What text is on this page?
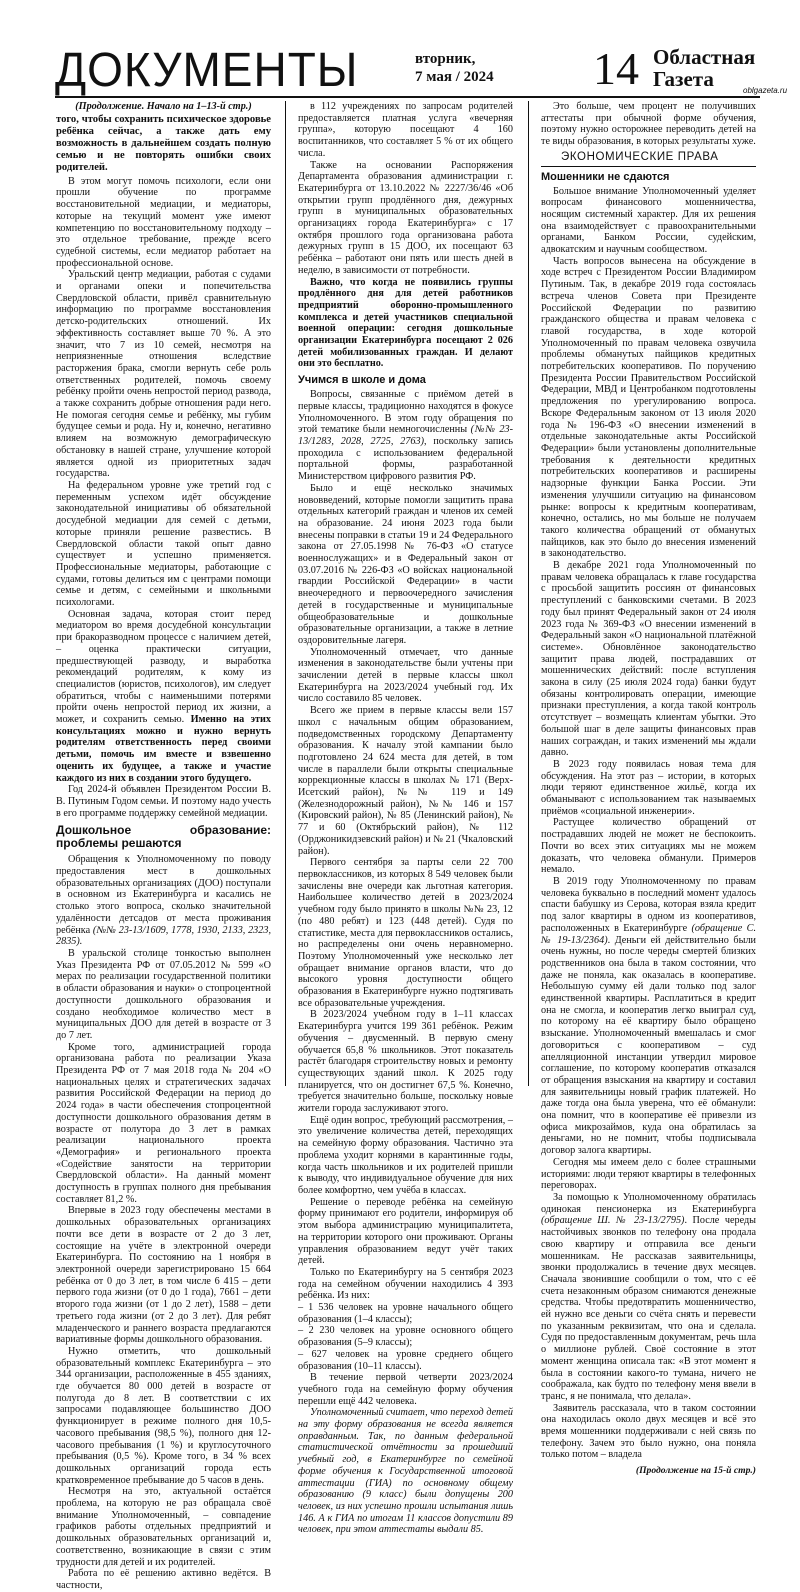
ДОКУМЕНТЫ	вторник,
7 мая / 2024 14 Областная
Газета	oblgazeta.ru

(Продолжение. Начало на 1–13-й стр.)

того, чтобы сохранить психическое здоровье ребёнка сейчас, а также дать ему возможность в дальнейшем создать полную семью и не повторять ошибки своих родителей.

В этом могут помочь психологи, если они прошли обучение по программе восстановительной медиации, и медиаторы, которые на текущий момент уже имеют компетенцию по восстановительному подходу – это отдельное требование, прежде всего судебной системы, если медиатор работает на профессиональной основе.

Уральский центр медиации, работая с судами и органами опеки и попечительства Свердловской области, привёл сравнительную информацию по программе восстановления детско-родительских отношений. Их эффективность составляет выше 70 %. А это значит, что 7 из 10 семей, несмотря на неприязненные отношения вследствие расторжения брака, смогли вернуть себе роль ответственных родителей, помочь своему ребёнку пройти очень непростой период развода, а также сохранить добрые отношения ради него. Не помогая сегодня семье и ребёнку, мы губим будущее семьи и рода. Ну и, конечно, негативно влияем на возможную демографическую обстановку в нашей стране, улучшение которой является одной из приоритетных задач государства.

На федеральном уровне уже третий год с переменным успехом идёт обсуждение законодательной инициативы об обязательной досудебной медиации для семей с детьми, которые приняли решение развестись. В Свердловской области такой опыт давно существует и успешно применяется. Профессиональные медиаторы, работающие с судами, готовы делиться им с центрами помощи семье и детям, с семейными и школьными психологами.

Основная задача, которая стоит перед медиатором во время досудебной консультации при бракоразводном процессе с наличием детей, – оценка практически ситуации, предшествующей разводу, и выработка рекомендаций родителям, к кому из специалистов (юристов, психологов), им следует обратиться, чтобы с наименьшими потерями пройти очень непростой период их жизни, а может, и сохранить семью. Именно на этих консультациях можно и нужно вернуть родителям ответственность перед своими детьми, помочь им вместе и взвешенно оценить их будущее, а также и участие каждого из них в создании этого будущего.

Год 2024-й объявлен Президентом России В. В. Путиным Годом семьи. И поэтому надо учесть в его программе поддержку семейной медиации.

Дошкольное образование: проблемы решаются

Обращения к Уполномоченному по поводу предоставления мест в дошкольных образовательных организациях (ДОО) поступали в основном из Екатеринбурга и касались не столько этого вопроса, сколько значительной удалённости детсадов от места проживания ребёнка (№№ 23-13/1609, 1778, 1930, 2133, 2323, 2835).

В уральской столице тонкостью выполнен Указ Президента РФ от 07.05.2012 № 599 «О мерах по реализации государственной политики в области образования и науки» о стопроцентной доступности дошкольного образования и создано необходимое количество мест в муниципальных ДОО для детей в возрасте от 3 до 7 лет.

Кроме того, администрацией города организована работа по реализации Указа Президента РФ от 7 мая 2018 года № 204 «О национальных целях и стратегических задачах развития Российской Федерации на период до 2024 года» в части обеспечения стопроцентной доступности дошкольного образования детям в возрасте от полутора до 3 лет в рамках реализации национального проекта «Демография» и регионального проекта «Содействие занятости на территории Свердловской области». На данный момент доступность в группах полного дня пребывания составляет 81,2 %.

Впервые в 2023 году обеспечены местами в дошкольных образовательных организациях почти все дети в возрасте от 2 до 3 лет, состоящие на учёте в электронной очереди Екатеринбурга. По состоянию на 1 ноября в электронной очереди зарегистрировано 15 664 ребёнка от 0 до 3 лет, в том числе 6 415 – дети первого года жизни (от 0 до 1 года), 7661 – дети второго года жизни (от 1 до 2 лет), 1588 – дети третьего года жизни (от 2 до 3 лет). Для ребят младенческого и раннего возраста предлагаются вариативные формы дошкольного образования.

Нужно отметить, что дошкольный образовательный комплекс Екатеринбурга – это 344 организации, расположенные в 455 зданиях, где обучается 80 000 детей в возрасте от полугода до 8 лет. В соответствии с их запросами подавляющее большинство ДОО функционирует в режиме полного дня 10,5-часового пребывания (98,5 %), полного дня 12-часового пребывания (1 %) и круглосуточного пребывания (0,5 %). Кроме того, в 34 % всех дошкольных организаций города есть кратковременное пребывание до 5 часов в день.

Несмотря на это, актуальной остаётся проблема, на которую не раз обращала своё внимание Уполномоченный, – совпадение графиков работы отдельных предприятий и дошкольных образовательных организаций и, соответственно, возникающие в связи с этим трудности для детей и их родителей.

Работа по её решению активно ведётся. В частности,

в 112 учреждениях по запросам родителей предоставляется платная услуга «вечерняя группа», которую посещают 4 160 воспитанников, что составляет 5 % от их общего числа.

Также на основании Распоряжения Департамента образования администрации г. Екатеринбурга от 13.10.2022 № 2227/36/46 «Об открытии групп продлённого дня, дежурных групп в муниципальных образовательных организациях города Екатеринбурга» с 17 октября прошлого года организована работа дежурных групп в 15 ДОО, их посещают 63 ребёнка – работают они пять или шесть дней в неделю, в зависимости от потребности.

Важно, что когда не появились группы продлённого дня для детей работников предприятий оборонно-промышленного комплекса и детей участников специальной военной операции: сегодня дошкольные организации Екатеринбурга посещают 2 026 детей мобилизованных граждан. И делают они это бесплатно.

Учимся в школе и дома

Вопросы, связанные с приёмом детей в первые классы, традиционно находятся в фокусе Уполномоченного. В этом году обращения по этой тематике были немногочисленны (№№ 23-13/1283, 2028, 2725, 2763), поскольку запись проходила с использованием федеральной портальной формы, разработанной Министерством цифрового развития РФ.

Было и ещё несколько значимых нововведений, которые помогли защитить права отдельных категорий граждан и членов их семей на образование. 24 июня 2023 года были внесены поправки в статьи 19 и 24 Федерального закона от 27.05.1998 № 76-ФЗ «О статусе военнослужащих» и в Федеральный закон от 03.07.2016 № 226-ФЗ «О войсках национальной гвардии Российской Федерации» в части внеочередного и первоочередного зачисления детей в государственные и муниципальные общеобразовательные и дошкольные образовательные организации, а также в летние оздоровительные лагеря.

Уполномоченный отмечает, что данные изменения в законодательстве были учтены при зачислении детей в первые классы школ Екатеринбурга на 2023/2024 учебный год. Их число составило 85 человек.

Всего же прием в первые классы вели 157 школ с начальным общим образованием, подведомственных городскому Департаменту образования. К началу этой кампании было подготовлено 24 624 места для детей, в том числе в параллели были открыты специальные коррекционные классы в школах № 171 (Верх-Исетский район), №№ 119 и 149 (Железнодорожный район), №№ 146 и 157 (Кировский район), № 85 (Ленинский район), № 77 и 60 (Октябрьский район), № 112 (Орджоникидзевский район) и № 21 (Чкаловский район).

Первого сентября за парты сели 22 700 первоклассников, из которых 8 549 человек были зачислены вне очереди как льготная категория. Наибольшее количество детей в 2023/2024 учебном году было принято в школы №№ 23, 12 (по 480 ребят) и 123 (448 детей). Судя по статистике, места для первоклассников остались, но распределены они очень неравномерно. Поэтому Уполномоченный уже несколько лет обращает внимание органов власти, что до высокого уровня доступности общего образования в Екатеринбурге нужно подтягивать все образовательные учреждения.

В 2023/2024 учебном году в 1–11 классах Екатеринбурга учится 199 361 ребёнок. Режим обучения – двусменный. В первую смену обучается 65,8 % школьников. Этот показатель растёт благодаря строительству новых и ремонту существующих зданий школ. К 2025 году планируется, что он достигнет 67,5 %. Конечно, требуется значительно больше, поскольку новые жители города заслуживают этого.

Ещё один вопрос, требующий рассмотрения, – это увеличение количества детей, переходящих на семейную форму образования. Частично эта проблема уходит корнями в карантинные годы, когда часть школьников и их родителей пришли к выводу, что индивидуальное обучение для них более комфортно, чем учёба в классах.

Решение о переводе ребёнка на семейную форму принимают его родители, информируя об этом выбора администрацию муниципалитета, на территории которого они проживают. Органы управления образованием ведут учёт таких детей.

Только по Екатеринбургу на 5 сентября 2023 года на семейном обучении находились 4 393 ребёнка. Из них:

– 1 536 человек на уровне начального общего образования (1–4 классы);

– 2 230 человек на уровне основного общего образования (5–9 классы);

– 627 человек на уровне среднего общего образования (10–11 классы).

В течение первой четверти 2023/2024 учебного года на семейную форму обучения перешли ещё 442 человека.

Уполномоченный считает, что переход детей на эту форму образования не всегда является оправданным. Так, по данным федеральной статистической отчётности за прошедший учебный год, в Екатеринбурге по семейной форме обучения к Государственной итоговой аттестации (ГИА) по основному общему образованию (9 класс) были допущены 200 человек, из них успешно прошли испытания лишь 146. А к ГИА по итогам 11 классов допустили 89 человек, при этом аттестаты выдали 85.

Это больше, чем процент не получивших аттестаты при обычной форме обучения, поэтому нужно осторожнее переводить детей на те виды образования, в которых результаты хуже.

ЭКОНОМИЧЕСКИЕ ПРАВА
Мошенники не сдаются

Большое внимание Уполномоченный уделяет вопросам финансового мошенничества, носящим системный характер. Для их решения она взаимодействует с правоохранительными органами, Банком России, судейским, адвокатским и научным сообществом.

Часть вопросов вынесена на обсуждение в ходе встреч с Президентом России Владимиром Путиным. Так, в декабре 2019 года состоялась встреча членов Совета при Президенте Российской Федерации по развитию гражданского общества и правам человека с главой государства, в ходе которой Уполномоченный по правам человека озвучила проблемы обманутых пайщиков кредитных потребительских кооперативов. По поручению Президента России Правительством Российской Федерации, МВД и Центробанком подготовлены предложения по урегулированию вопроса. Вскоре Федеральным законом от 13 июля 2020 года № 196-ФЗ «О внесении изменений в отдельные законодательные акты Российской Федерации» были установлены дополнительные требования к деятельности кредитных потребительских кооперативов и расширены надзорные функции Банка России. Эти изменения улучшили ситуацию на финансовом рынке: вопросы к кредитным кооперативам, конечно, остались, но мы больше не получаем такого количества обращений от обманутых пайщиков, как это было до внесения изменений в законодательство.

В декабре 2021 года Уполномоченный по правам человека обращалась к главе государства с просьбой защитить россиян от финансовых преступлений с банковскими счетами. В 2023 году был принят Федеральный закон от 24 июля 2023 года № 369-ФЗ «О внесении изменений в Федеральный закон «О национальной платёжной системе». Обновлённое законодательство защитит права людей, пострадавших от мошеннических действий: после вступления закона в силу (25 июля 2024 года) банки будут обязаны контролировать операции, имеющие признаки преступления, а когда такой контроль отсутствует – возмещать клиентам убытки. Это большой шаг в деле защиты финансовых прав наших сограждан, и таких изменений мы ждали давно.

В 2023 году появилась новая тема для обсуждения. На этот раз – истории, в которых люди теряют единственное жильё, когда их обманывают с использованием так называемых приёмов «социальной инженерии».

Растущее количество обращений от пострадавших людей не может не беспокоить. Почти во всех этих ситуациях мы не можем доказать, что человека обманули. Примеров немало.

В 2019 году Уполномоченному по правам человека буквально в последний момент удалось спасти бабушку из Серова, которая взяла кредит под залог квартиры в одном из кооперативов, расположенных в Екатеринбурге (обращение С. № 19-13/2364). Деньги ей действительно были очень нужны, но после череды смертей близких родственников она была в таком состоянии, что даже не поняла, как оказалась в кооперативе. Небольшую сумму ей дали только под залог единственной квартиры. Расплатиться в кредит она не смогла, и кооператив легко выиграл суд, по которому на её квартиру было обращено взыскание. Уполномоченный вмешалась и смог договориться с кооперативом – суд апелляционной инстанции утвердил мировое соглашение, по которому кооператив отказался от обращения взыскания на квартиру и составил для заявительницы новый график платежей. Но даже тогда она была уверена, что её обманули: она помнит, что в кооперативе её привезли из офиса микрозаймов, куда она обратилась за деньгами, но не помнит, чтобы подписывала договор залога квартиры.

Сегодня мы имеем дело с более страшными историями: люди теряют квартиры в телефонных переговорах.

За помощью к Уполномоченному обратилась одинокая пенсионерка из Екатеринбурга (обращение Ш. № 23-13/2795). После череды настойчивых звонков по телефону она продала свою квартиру и отправила все деньги мошенникам. Не рассказав заявительницы, звонки продолжались в течение двух месяцев. Сначала звонившие сообщили о том, что с её счета незаконным образом снимаются денежные средства. Чтобы предотвратить мошенничество, ей нужно все деньги со счёта снять и перевести по указанным реквизитам, что она и сделала. Судя по предоставленным документам, речь шла о миллионе рублей. Своё состояние в этот момент женщина описала так: «В этот момент я была в состоянии какого-то тумана, ничего не соображала, как будто по телефону меня ввели в транс, я не понимала, что делала».

Заявитель рассказала, что в таком состоянии она находилась около двух месяцев и всё это время мошенники поддерживали с ней связь по телефону. Зачем это было нужно, она поняла только потом – владела

(Продолжение на 15-й стр.)
